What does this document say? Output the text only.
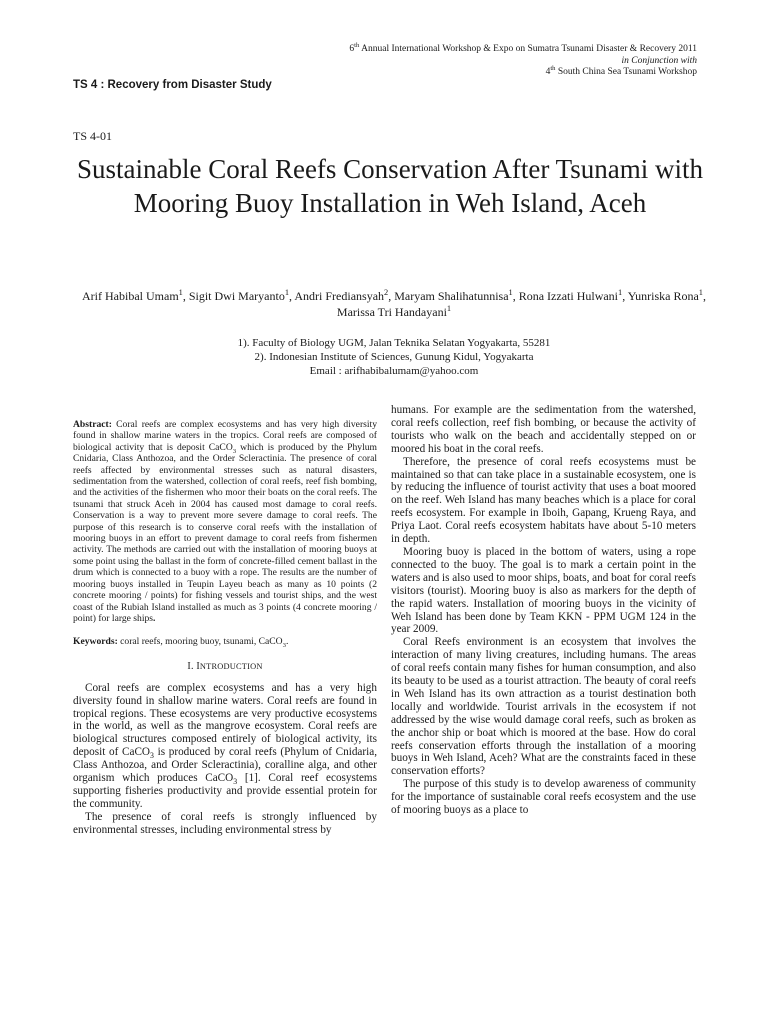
6th Annual International Workshop & Expo on Sumatra Tsunami Disaster & Recovery 2011
in Conjunction with
4th South China Sea Tsunami Workshop
TS 4 : Recovery from Disaster Study
TS 4-01
Sustainable Coral Reefs Conservation After Tsunami with Mooring Buoy Installation in Weh Island, Aceh
Arif Habibal Umam$^1$, Sigit Dwi Maryanto$^1$, Andri Frediansyah$^2$, Maryam Shalihatunnisa$^1$, Rona Izzati Hulwani$^1$, Yunriska Rona$^1$, Marissa Tri Handayani$^1$
1). Faculty of Biology UGM, Jalan Teknika Selatan Yogyakarta, 55281
2). Indonesian Institute of Sciences, Gunung Kidul, Yogyakarta
Email : arifhabibalumam@yahoo.com

Abstract: Coral reefs are complex ecosystems and has very high diversity found in shallow marine waters in the tropics. Coral reefs are composed of biological activity that is deposit CaCO$_3$ which is produced by the Phylum Cnidaria, Class Anthozoa, and the Order Scleractinia. The presence of coral reefs affected by environmental stresses such as natural disasters, sedimentation from the watershed, collection of coral reefs, reef fish bombing, and the activities of the fishermen who moor their boats on the coral reefs. The tsunami that struck Aceh in 2004 has caused most damage to coral reefs. Conservation is a way to prevent more severe damage to coral reefs. The purpose of this research is to conserve coral reefs with the installation of mooring buoys in an effort to prevent damage to coral reefs from fishermen activity. The methods are carried out with the installation of mooring buoys at some point using the ballast in the form of concrete-filled cement ballast in the drum which is connected to a buoy with a rope. The results are the number of mooring buoys installed in Teupin Layeu beach as many as 10 points (2 concrete mooring / points) for fishing vessels and tourist ships, and the west coast of the Rubiah Island installed as much as 3 points (4 concrete mooring / point) for large ships.

Keywords: coral reefs, mooring buoy, tsunami, CaCO$_3$.

I. INTRODUCTION

Coral reefs are complex ecosystems and has a very high diversity found in shallow marine waters. Coral reefs are found in tropical regions. These ecosystems are very productive ecosystems in the world, as well as the mangrove ecosystem. Coral reefs are biological structures composed entirely of biological activity, its deposit of CaCO$_3$ is produced by coral reefs (Phylum of Cnidaria, Class Anthozoa, and Order Scleractinia), coralline alga, and other organism which produces CaCO$_3$ [1]. Coral reef ecosystems supporting fisheries productivity and provide essential protein for the community.

The presence of coral reefs is strongly influenced by environmental stresses, including environmental stress by

humans. For example are the sedimentation from the watershed, coral reefs collection, reef fish bombing, or because the activity of tourists who walk on the beach and accidentally stepped on or moored his boat in the coral reefs.

Therefore, the presence of coral reefs ecosystems must be maintained so that can take place in a sustainable ecosystem, one is by reducing the influence of tourist activity that uses a boat moored on the reef. Weh Island has many beaches which is a place for coral reefs ecosystem. For example in Iboih, Gapang, Krueng Raya, and Priya Laot. Coral reefs ecosystem habitats have about 5-10 meters in depth.

Mooring buoy is placed in the bottom of waters, using a rope connected to the buoy. The goal is to mark a certain point in the waters and is also used to moor ships, boats, and boat for coral reefs visitors (tourist). Mooring buoy is also as markers for the depth of the rapid waters. Installation of mooring buoys in the vicinity of Weh Island has been done by Team KKN - PPM UGM 124 in the year 2009.

Coral Reefs environment is an ecosystem that involves the interaction of many living creatures, including humans. The areas of coral reefs contain many fishes for human consumption, and also its beauty to be used as a tourist attraction. The beauty of coral reefs in Weh Island has its own attraction as a tourist destination both locally and worldwide. Tourist arrivals in the ecosystem if not addressed by the wise would damage coral reefs, such as broken as the anchor ship or boat which is moored at the base. How do coral reefs conservation efforts through the installation of a mooring buoys in Weh Island, Aceh? What are the constraints faced in these conservation efforts?

The purpose of this study is to develop awareness of community for the importance of sustainable coral reefs ecosystem and the use of mooring buoys as a place to
